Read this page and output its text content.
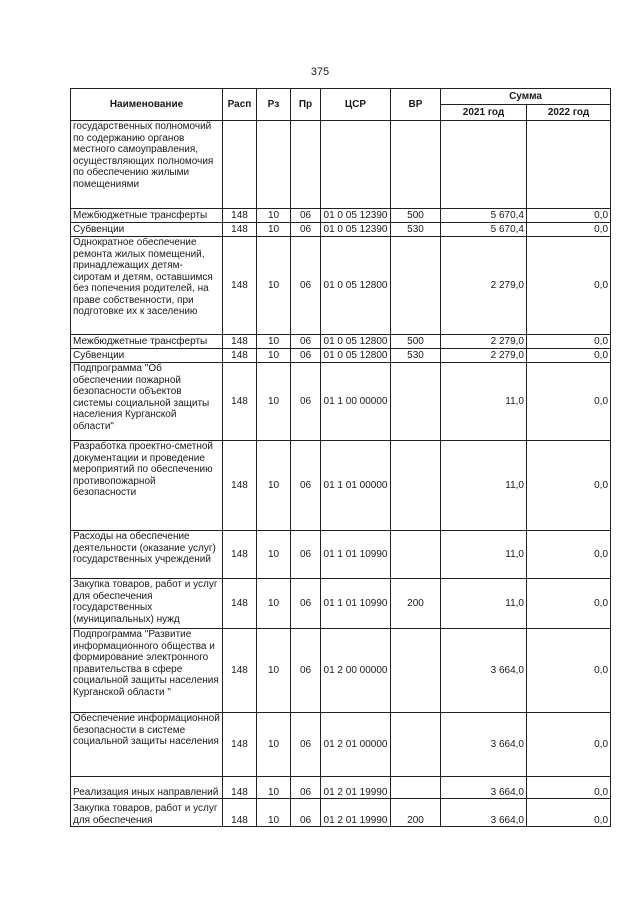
375
Наименование	Расп	Рз	Пр	ЦСР	ВР	Сумма	
						2021 год	2022 год
государственных полномочий по содержанию органов местного самоуправления, осуществляющих полномочия по обеспечению жилыми помещениями							
Межбюджетные трансферты	148	10	06	01 0 05 12390	500	5 670,4	0,0
Субвенции	148	10	06	01 0 05 12390	530	5 670,4	0,0
Однократное обеспечение ремонта жилых помещений, принадлежащих детям-сиротам и детям, оставшимся без попечения родителей, на праве собственности, при подготовке их к заселению	148	10	06	01 0 05 12800		2 279,0	0,0
Межбюджетные трансферты	148	10	06	01 0 05 12800	500	2 279,0	0,0
Субвенции	148	10	06	01 0 05 12800	530	2 279,0	0,0
Подпрограмма "Об обеспечении пожарной безопасности объектов системы социальной защиты населения Курганской области"	148	10	06	01 1 00 00000		11,0	0,0
Разработка проектно-сметной документации и проведение мероприятий по обеспечению противопожарной безопасности	148	10	06	01 1 01 00000		11,0	0,0
Расходы на обеспечение деятельности (оказание услуг) государственных учреждений	148	10	06	01 1 01 10990		11,0	0,0
Закупка товаров, работ и услуг для обеспечения государственных (муниципальных) нужд	148	10	06	01 1 01 10990	200	11,0	0,0
Подпрограмма "Развитие информационного общества и формирование электронного правительства в сфере социальной защиты населения Курганской области "	148	10	06	01 2 00 00000		3 664,0	0,0
Обеспечение информационной безопасности в системе социальной защиты населения	148	10	06	01 2 01 00000		3 664,0	0,0
Реализация иных направлений	148	10	06	01 2 01 19990		3 664,0	0,0
Закупка товаров, работ и услуг для обеспечения	148	10	06	01 2 01 19990	200	3 664,0	0,0
